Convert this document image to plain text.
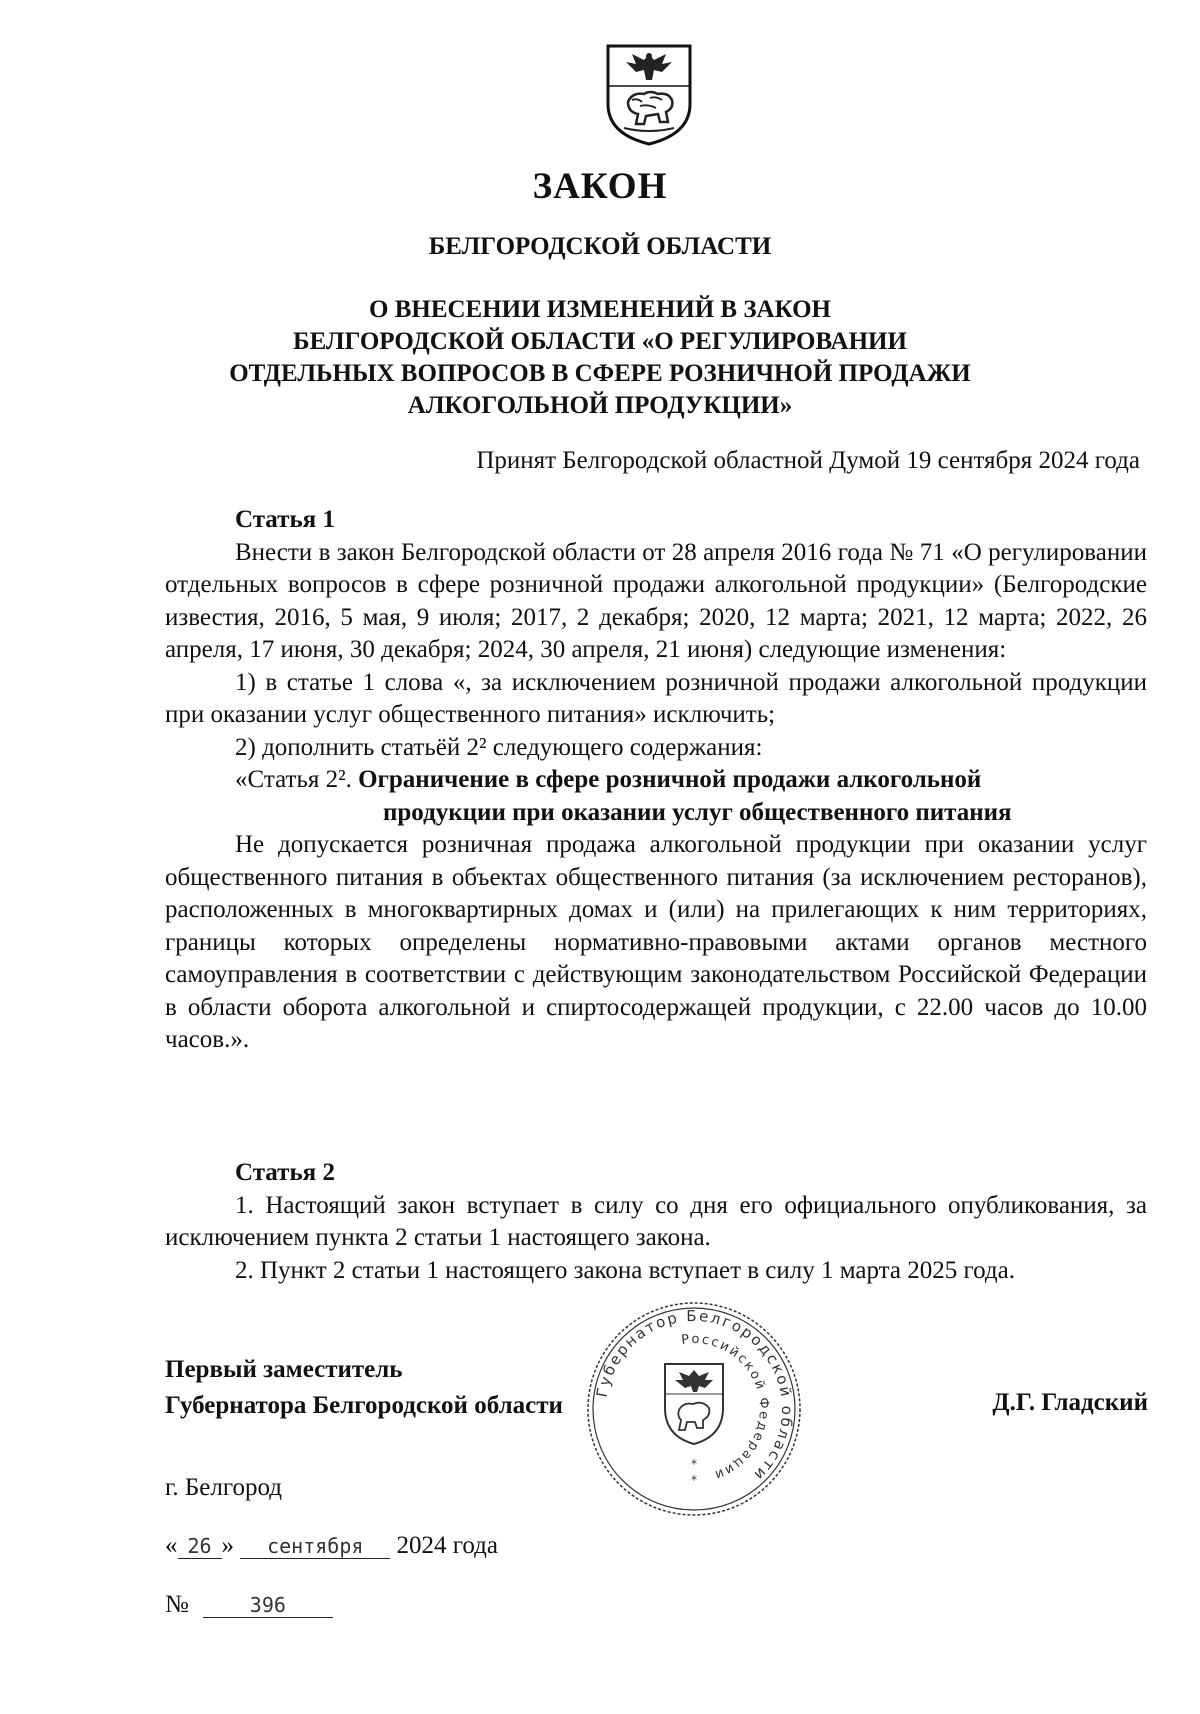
ЗАКОН
БЕЛГОРОДСКОЙ ОБЛАСТИ
О ВНЕСЕНИИ ИЗМЕНЕНИЙ В ЗАКОН
БЕЛГОРОДСКОЙ ОБЛАСТИ «О РЕГУЛИРОВАНИИ
ОТДЕЛЬНЫХ ВОПРОСОВ В СФЕРЕ РОЗНИЧНОЙ ПРОДАЖИ
АЛКОГОЛЬНОЙ ПРОДУКЦИИ»
Принят Белгородской областной Думой 19 сентября 2024 года

Статья 1

Внести в закон Белгородской области от 28 апреля 2016 года № 71 «О регулировании отдельных вопросов в сфере розничной продажи алкогольной продукции» (Белгородские известия, 2016, 5 мая, 9 июля; 2017, 2 декабря; 2020, 12 марта; 2021, 12 марта; 2022, 26 апреля, 17 июня, 30 декабря; 2024, 30 апреля, 21 июня) следующие изменения:

1) в статье 1 слова «, за исключением розничной продажи алкогольной продукции при оказании услуг общественного питания» исключить;

2) дополнить статьёй 2² следующего содержания:

«Статья 2². Ограничение в сфере розничной продажи алкогольной
продукции при оказании услуг общественного питания

Не допускается розничная продажа алкогольной продукции при оказании услуг общественного питания в объектах общественного питания (за исключением ресторанов), расположенных в многоквартирных домах и (или) на прилегающих к ним территориях, границы которых определены нормативно-правовыми актами органов местного самоуправления в соответствии с действующим законодательством Российской Федерации в области оборота алкогольной и спиртосодержащей продукции, с 22.00 часов до 10.00 часов.».

Статья 2

1. Настоящий закон вступает в силу со дня его официального опубликования, за исключением пункта 2 статьи 1 настоящего закона.

2. Пункт 2 статьи 1 настоящего закона вступает в силу 1 марта 2025 года.

Первый заместитель
Губернатора Белгородской области	Д.Г. Гладский
Губернатор Белгородской области
Российской Федерации
*
*
г. Белгород
« 26 » сентября 2024 года
№	396
